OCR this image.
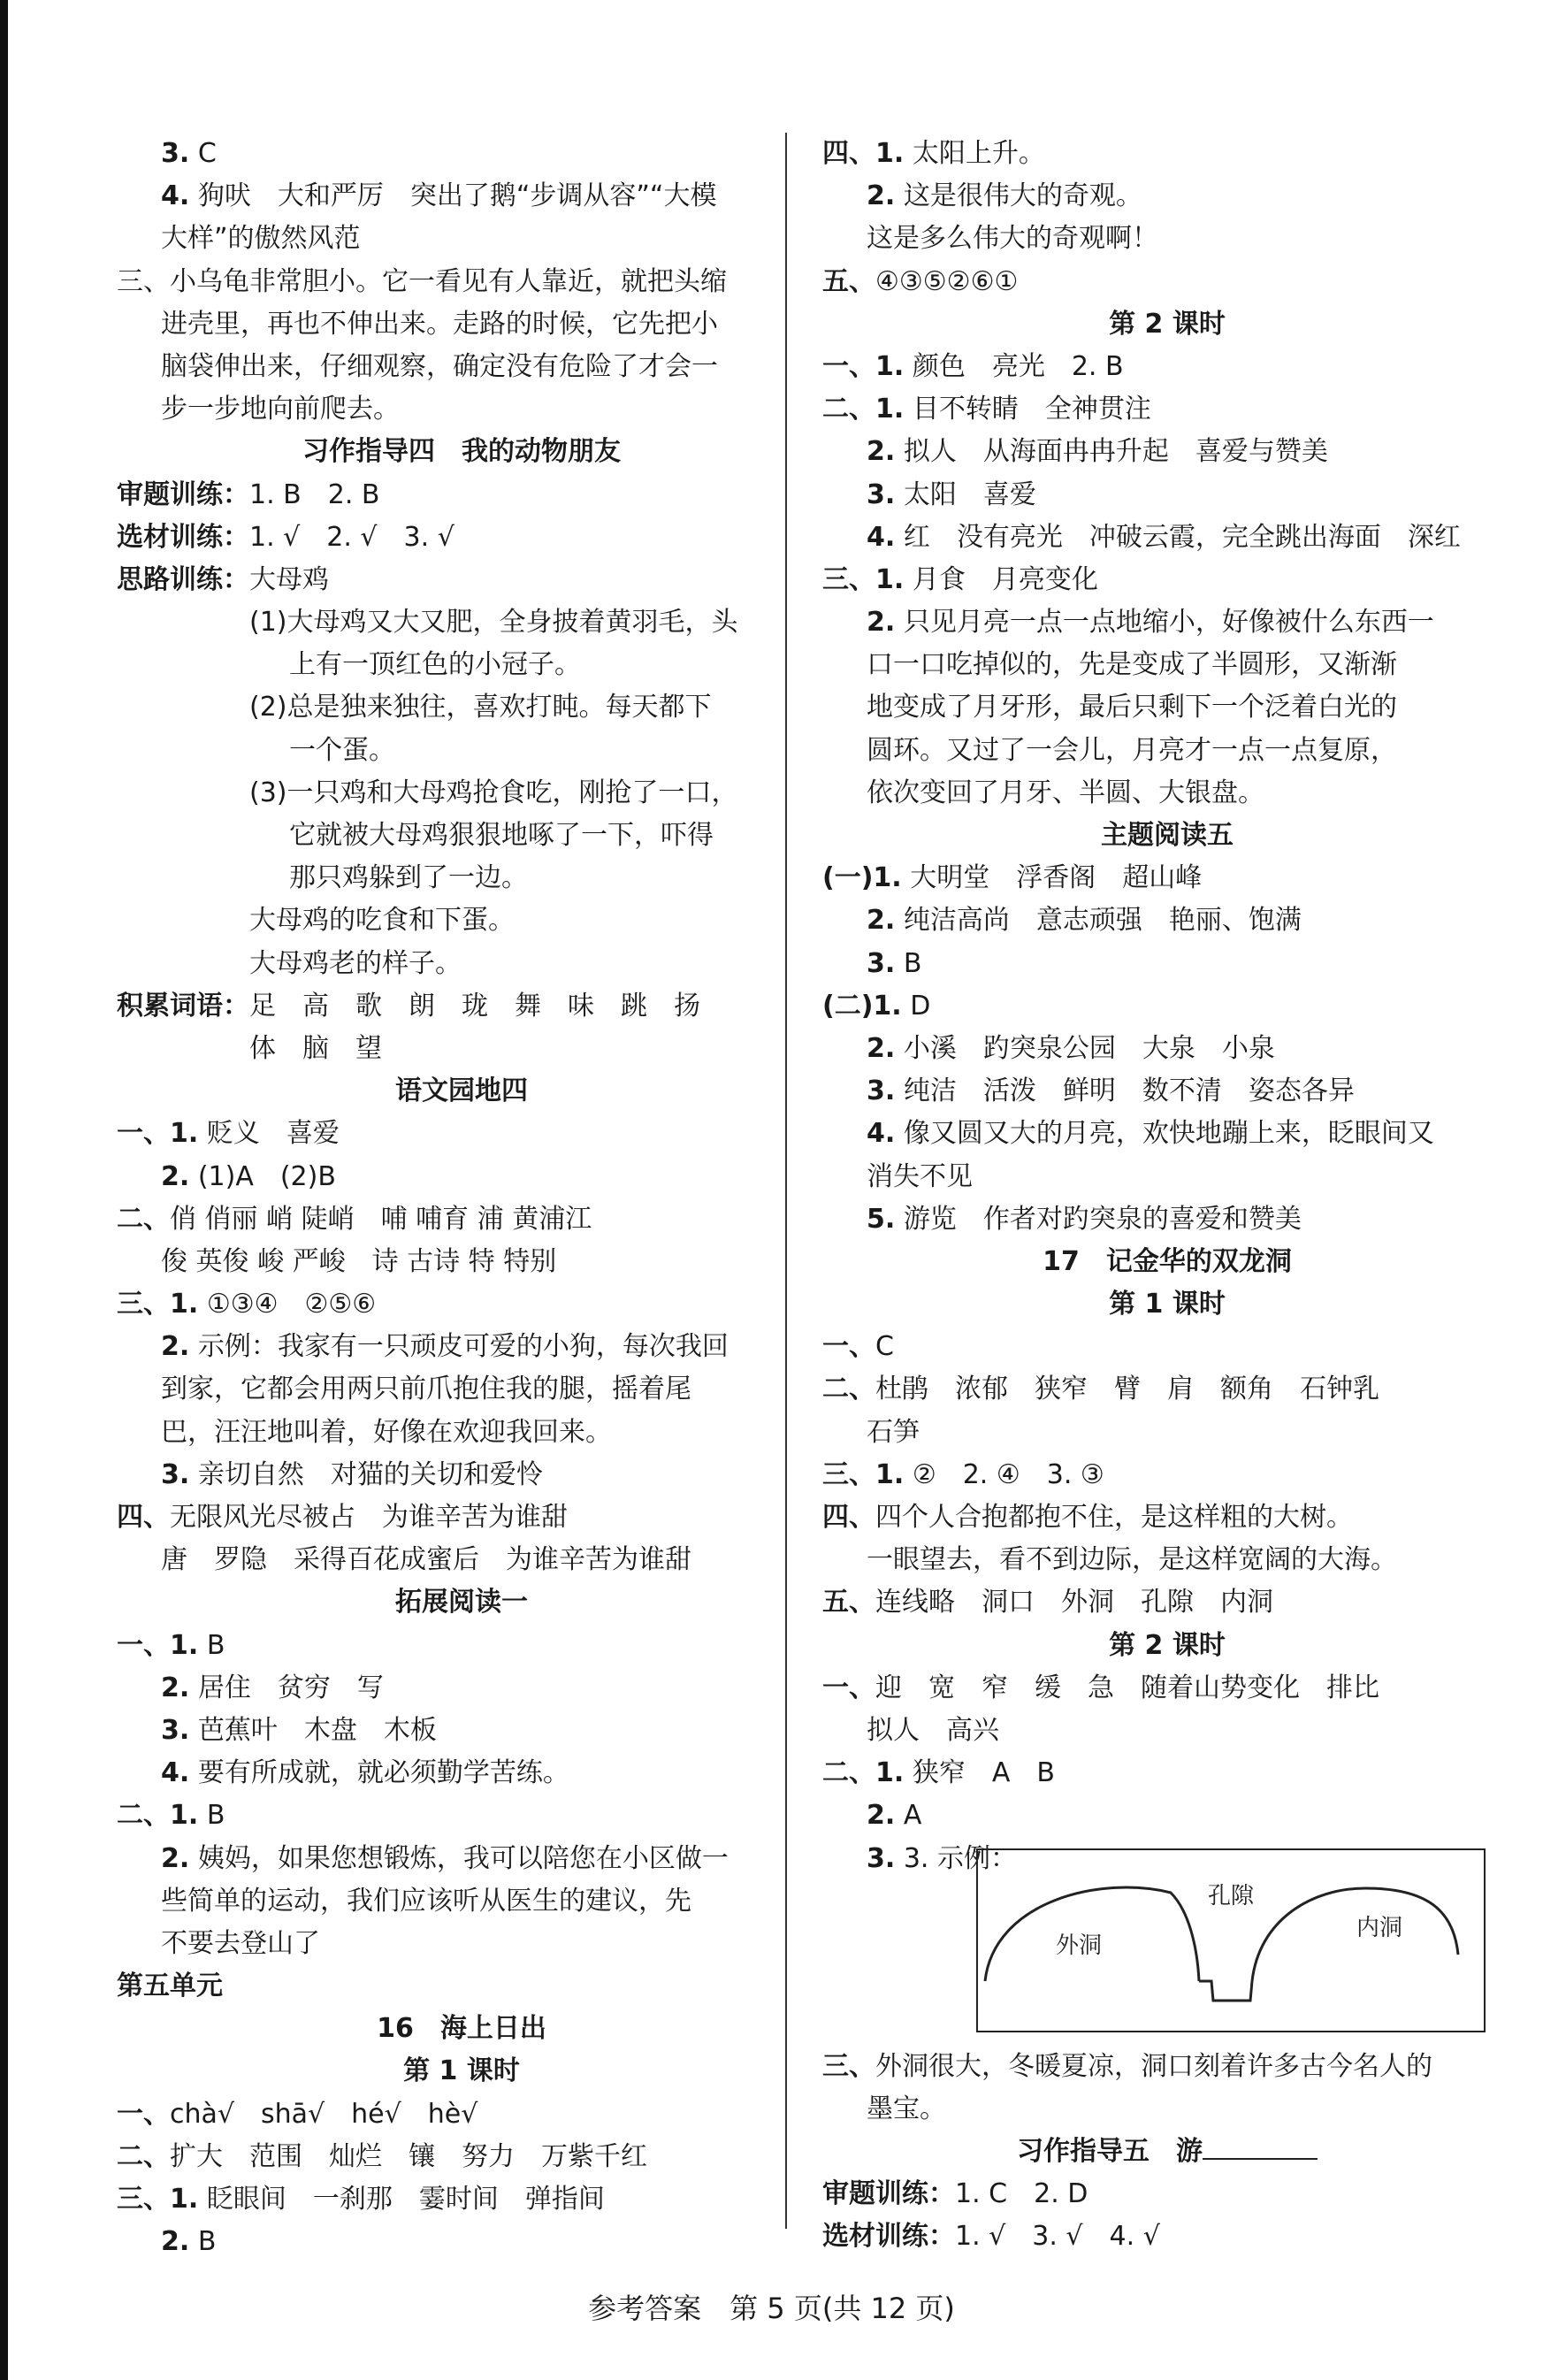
3. C
4. 狗吠　大和严厉　突出了鹅“步调从容”“大模
大样”的傲然风范
三、小乌龟非常胆小。它一看见有人靠近，就把头缩
进壳里，再也不伸出来。走路的时候，它先把小
脑袋伸出来，仔细观察，确定没有危险了才会一
步一步地向前爬去。
习作指导四　我的动物朋友
审题训练：1. B　2. B
选材训练：1. √　2. √　3. √
思路训练：大母鸡
(1)大母鸡又大又肥，全身披着黄羽毛，头
上有一顶红色的小冠子。
(2)总是独来独往，喜欢打盹。每天都下
一个蛋。
(3)一只鸡和大母鸡抢食吃，刚抢了一口，
它就被大母鸡狠狠地啄了一下，吓得
那只鸡躲到了一边。
大母鸡的吃食和下蛋。
大母鸡老的样子。
积累词语：足　高　歌　朗　珑　舞　味　跳　扬
体　脑　望
语文园地四
一、1. 贬义　喜爱
2. (1)A　(2)B
二、俏 俏丽 峭 陡峭　哺 哺育 浦 黄浦江
俊 英俊 峻 严峻　诗 古诗 特 特别
三、1. ①③④　②⑤⑥
2. 示例：我家有一只顽皮可爱的小狗，每次我回
到家，它都会用两只前爪抱住我的腿，摇着尾
巴，汪汪地叫着，好像在欢迎我回来。
3. 亲切自然　对猫的关切和爱怜
四、无限风光尽被占　为谁辛苦为谁甜
唐　罗隐　采得百花成蜜后　为谁辛苦为谁甜
拓展阅读一
一、1. B
2. 居住　贫穷　写
3. 芭蕉叶　木盘　木板
4. 要有所成就，就必须勤学苦练。
二、1. B
2. 姨妈，如果您想锻炼，我可以陪您在小区做一
些简单的运动，我们应该听从医生的建议，先
不要去登山了
第五单元
16　海上日出
第 1 课时
一、chà√　shā√　hé√　hè√
二、扩大　范围　灿烂　镶　努力　万紫千红
三、1. 眨眼间　一刹那　霎时间　弹指间
2. B
四、1. 太阳上升。
2. 这是很伟大的奇观。
这是多么伟大的奇观啊！
五、④③⑤②⑥①
第 2 课时
一、1. 颜色　亮光　2. B
二、1. 目不转睛　全神贯注
2. 拟人　从海面冉冉升起　喜爱与赞美
3. 太阳　喜爱
4. 红　没有亮光　冲破云霞，完全跳出海面　深红
三、1. 月食　月亮变化
2. 只见月亮一点一点地缩小，好像被什么东西一
口一口吃掉似的，先是变成了半圆形，又渐渐
地变成了月牙形，最后只剩下一个泛着白光的
圆环。又过了一会儿，月亮才一点一点复原，
依次变回了月牙、半圆、大银盘。
主题阅读五
(一)1. 大明堂　浮香阁　超山峰
2. 纯洁高尚　意志顽强　艳丽、饱满
3. B
(二)1. D
2. 小溪　趵突泉公园　大泉　小泉
3. 纯洁　活泼　鲜明　数不清　姿态各异
4. 像又圆又大的月亮，欢快地蹦上来，眨眼间又
消失不见
5. 游览　作者对趵突泉的喜爱和赞美
17　记金华的双龙洞
第 1 课时
一、C
二、杜鹃　浓郁　狭窄　臂　肩　额角　石钟乳
石笋
三、1. ②　2. ④　3. ③
四、四个人合抱都抱不住，是这样粗的大树。
一眼望去，看不到边际，是这样宽阔的大海。
五、连线略　洞口　外洞　孔隙　内洞
第 2 课时
一、迎　宽　窄　缓　急　随着山势变化　排比
拟人　高兴
二、1. 狭窄　A　B
2. A
3. 3. 示例：
外洞
孔隙
内洞
三、外洞很大，冬暖夏凉，洞口刻着许多古今名人的
墨宝。
习作指导五　游
审题训练：1. C　2. D
选材训练：1. √　3. √　4. √
参考答案　第 5 页(共 12 页)
